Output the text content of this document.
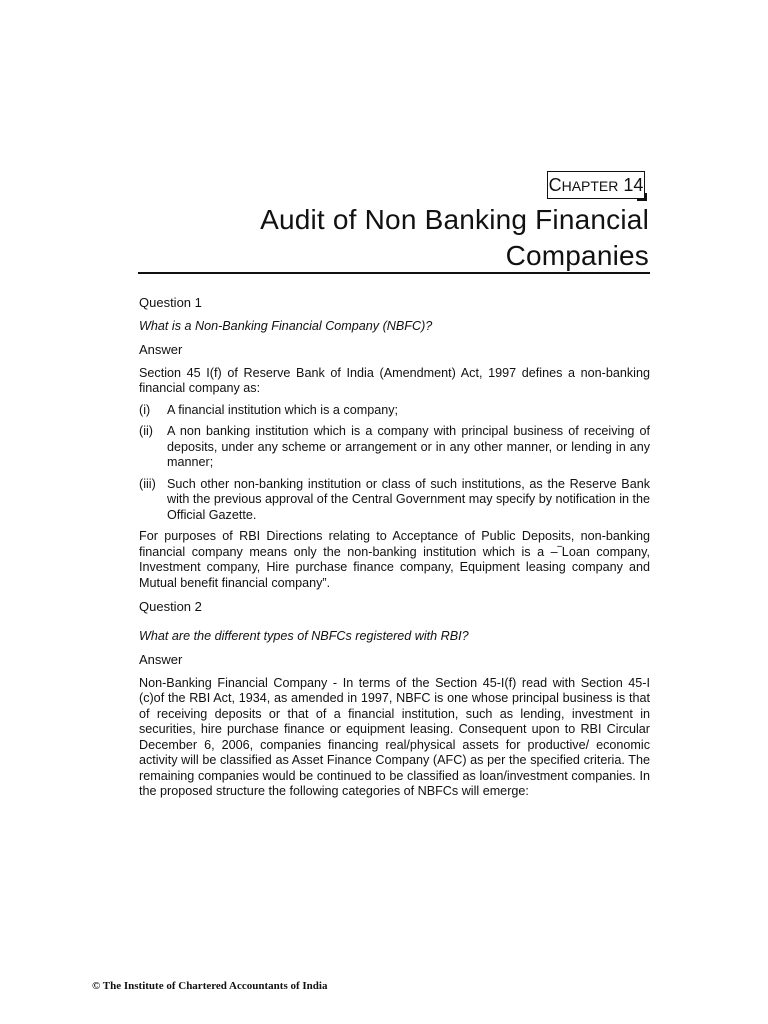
CHAPTER 14
Audit of Non Banking Financial
Companies

Question 1

What is a Non-Banking Financial Company (NBFC)?

Answer

Section 45 I(f) of Reserve Bank of India (Amendment) Act, 1997 defines a non-banking financial company as:

(i) A financial institution which is a company;
(ii) A non banking institution which is a company with principal business of receiving of deposits, under any scheme or arrangement or in any other manner, or lending in any manner;
(iii) Such other non-banking institution or class of such institutions, as the Reserve Bank with the previous approval of the Central Government may specify by notification in the Official Gazette.

For purposes of RBI Directions relating to Acceptance of Public Deposits, non-banking financial company means only the non-banking institution which is a –‾Loan company, Investment company, Hire purchase finance company, Equipment leasing company and Mutual benefit financial company”.

Question 2

What are the different types of NBFCs registered with RBI?

Answer

Non-Banking Financial Company - In terms of the Section 45-I(f) read with Section 45-I (c)of the RBI Act, 1934, as amended in 1997, NBFC is one whose principal business is that of receiving deposits or that of a financial institution, such as lending, investment in securities, hire purchase finance or equipment leasing. Consequent upon to RBI Circular December 6, 2006, companies financing real/physical assets for productive/ economic activity will be classified as Asset Finance Company (AFC) as per the specified criteria. The remaining companies would be continued to be classified as loan/investment companies. In the proposed structure the following categories of NBFCs will emerge:

© The Institute of Chartered Accountants of India
